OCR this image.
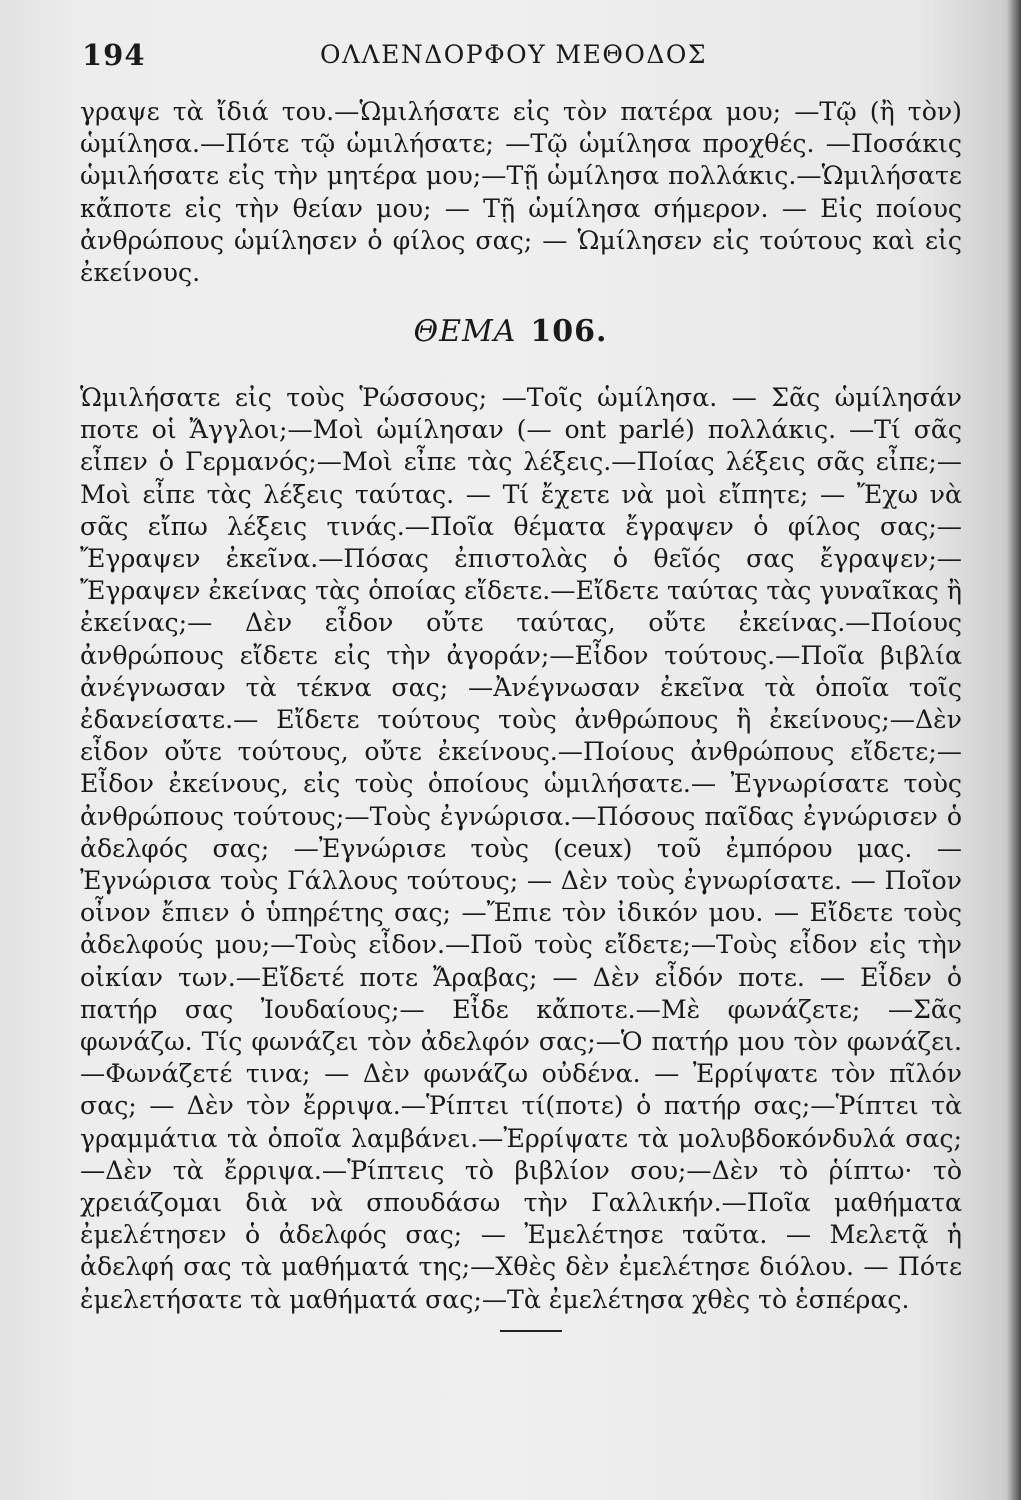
194	ΟΛΛΕΝΔΟΡΦΟΥ ΜΕΘΟΔΟΣ

γραψε τὰ ἴδιά του.—Ὡμιλήσατε εἰς τὸν πατέρα μου; —Τῷ (ἢ τὸν) ὡμίλησα.—Πότε τῷ ὡμιλήσατε; —Τῷ ὡμίλησα προχθές. —Ποσάκις ὡμιλήσατε εἰς τὴν μητέρα μου;—Τῇ ὡμίλησα πολλάκις.—Ὡμιλήσατε κἄποτε εἰς τὴν θείαν μου; — Τῇ ὡμίλησα σήμερον. — Εἰς ποίους ἀνθρώπους ὡμίλησεν ὁ φίλος σας; — Ὡμίλησεν εἰς τούτους καὶ εἰς ἐκείνους.

ΘΕΜΑ 106.

Ὡμιλήσατε εἰς τοὺς Ῥώσσους; —Τοῖς ὡμίλησα. — Σᾶς ὡμίλησάν ποτε οἱ Ἄγγλοι;—Μοὶ ὡμίλησαν (— ont parlé) πολλάκις. —Τί σᾶς εἶπεν ὁ Γερμανός;—Μοὶ εἶπε τὰς λέξεις.—Ποίας λέξεις σᾶς εἶπε;— Μοὶ εἶπε τὰς λέξεις ταύτας. — Τί ἔχετε νὰ μοὶ εἴπητε; — Ἔχω νὰ σᾶς εἴπω λέξεις τινάς.—Ποῖα θέματα ἔγραψεν ὁ φίλος σας;—Ἔγραψεν ἐκεῖνα.—Πόσας ἐπιστολὰς ὁ θεῖός σας ἔγραψεν;—Ἔγραψεν ἐκείνας τὰς ὁποίας εἴδετε.—Εἴδετε ταύτας τὰς γυναῖκας ἢ ἐκείνας;— Δὲν εἶδον οὔτε ταύτας, οὔτε ἐκείνας.—Ποίους ἀνθρώπους εἴδετε εἰς τὴν ἀγοράν;—Εἶδον τούτους.—Ποῖα βιβλία ἀνέγνωσαν τὰ τέκνα σας; —Ἀνέγνωσαν ἐκεῖνα τὰ ὁποῖα τοῖς ἐδανείσατε.— Εἴδετε τούτους τοὺς ἀνθρώπους ἢ ἐκείνους;—Δὲν εἶδον οὔτε τούτους, οὔτε ἐκείνους.—Ποίους ἀνθρώπους εἴδετε;—Εἶδον ἐκείνους, εἰς τοὺς ὁποίους ὡμιλήσατε.— Ἐγνωρίσατε τοὺς ἀνθρώπους τούτους;—Τοὺς ἐγνώρισα.—Πόσους παῖδας ἐγνώρισεν ὁ ἀδελφός σας; —Ἐγνώρισε τοὺς (ceux) τοῦ ἐμπόρου μας. —Ἐγνώρισα τοὺς Γάλλους τούτους; — Δὲν τοὺς ἐγνωρίσατε. — Ποῖον οἶνον ἔπιεν ὁ ὑπηρέτης σας; —Ἔπιε τὸν ἰδικόν μου. — Εἴδετε τοὺς ἀδελφούς μου;—Τοὺς εἶδον.—Ποῦ τοὺς εἴδετε;—Τοὺς εἶδον εἰς τὴν οἰκίαν των.—Εἴδετέ ποτε Ἄραβας; — Δὲν εἶδόν ποτε. — Εἶδεν ὁ πατήρ σας Ἰουδαίους;— Εἶδε κἄποτε.—Μὲ φωνάζετε; —Σᾶς φωνάζω. Τίς φωνάζει τὸν ἀδελφόν σας;—Ὁ πατήρ μου τὸν φωνάζει.—Φωνάζετέ τινα; — Δὲν φωνάζω οὐδένα. — Ἐρρίψατε τὸν πῖλόν σας; — Δὲν τὸν ἔρριψα.—Ῥίπτει τί(ποτε) ὁ πατήρ σας;—Ῥίπτει τὰ γραμμάτια τὰ ὁποῖα λαμβάνει.—Ἐρρίψατε τὰ μολυβδοκόνδυλά σας;—Δὲν τὰ ἔρριψα.—Ῥίπτεις τὸ βιβλίον σου;—Δὲν τὸ ῥίπτω· τὸ χρειάζομαι διὰ νὰ σπουδάσω τὴν Γαλλικήν.—Ποῖα μαθήματα ἐμελέτησεν ὁ ἀδελφός σας; — Ἐμελέτησε ταῦτα. — Μελετᾷ ἡ ἀδελφή σας τὰ μαθήματά της;—Χθὲς δὲν ἐμελέτησε διόλου. — Πότε ἐμελετήσατε τὰ μαθήματά σας;—Τὰ ἐμελέτησα χθὲς τὸ ἑσπέρας.
